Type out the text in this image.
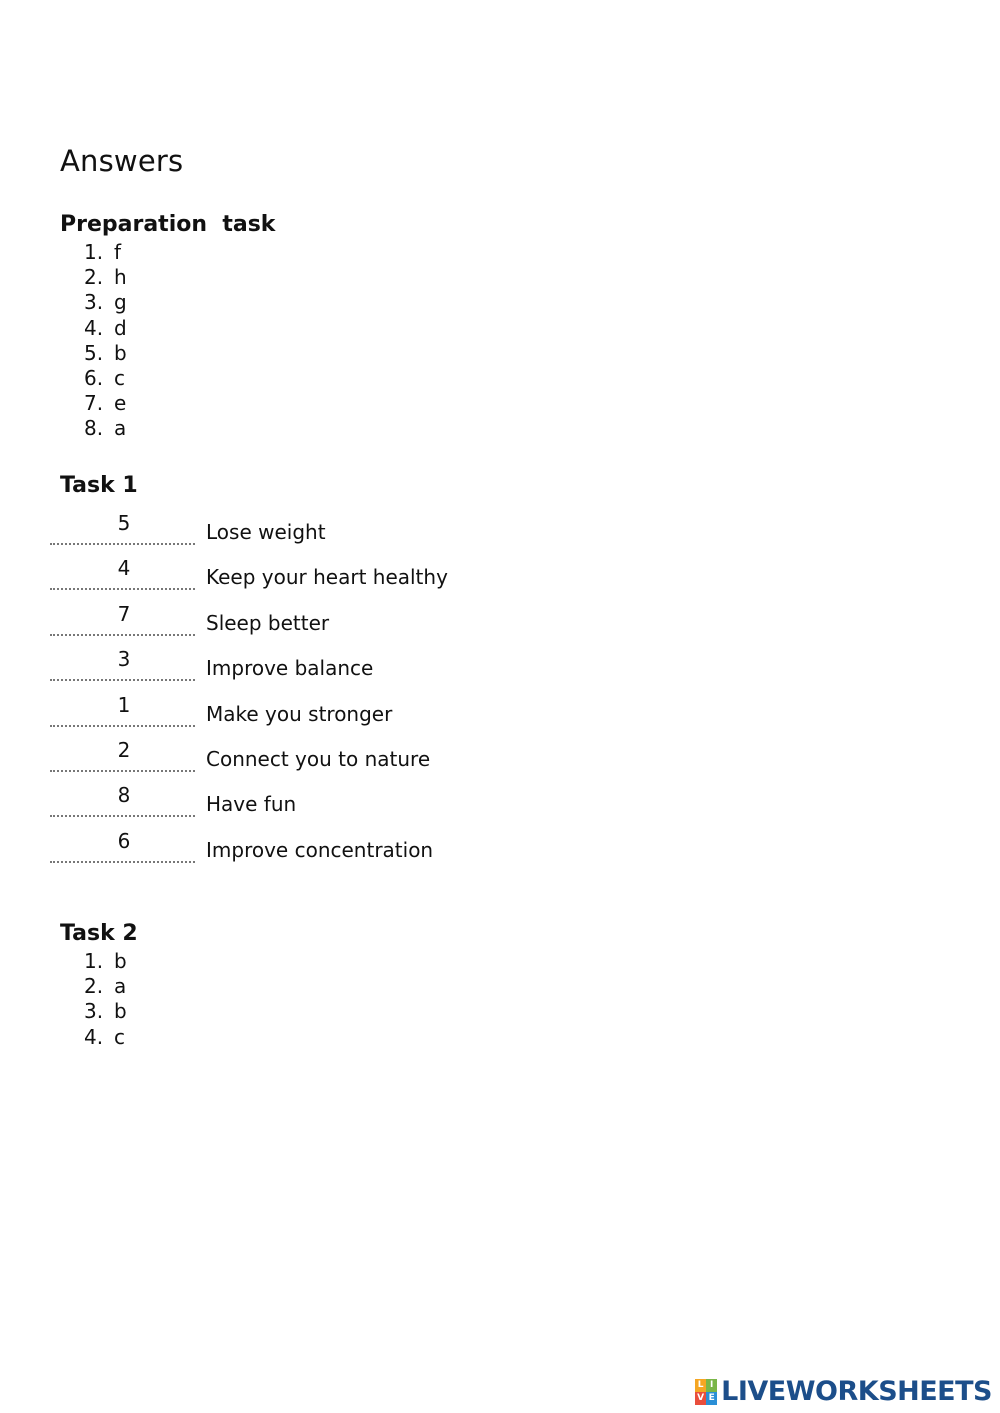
Answers
Preparation  task
1. f
2. h
3. g
4. d
5. b
6. c
7. e
8. a
Task 1
5	Lose weight
4	Keep your heart healthy
7	Sleep better
3	Improve balance
1	Make you stronger
2	Connect you to nature
8	Have fun
6	Improve concentration
Task 2
1. b
2. a
3. b
4. c
L I
V E LIVEWORKSHEETS
